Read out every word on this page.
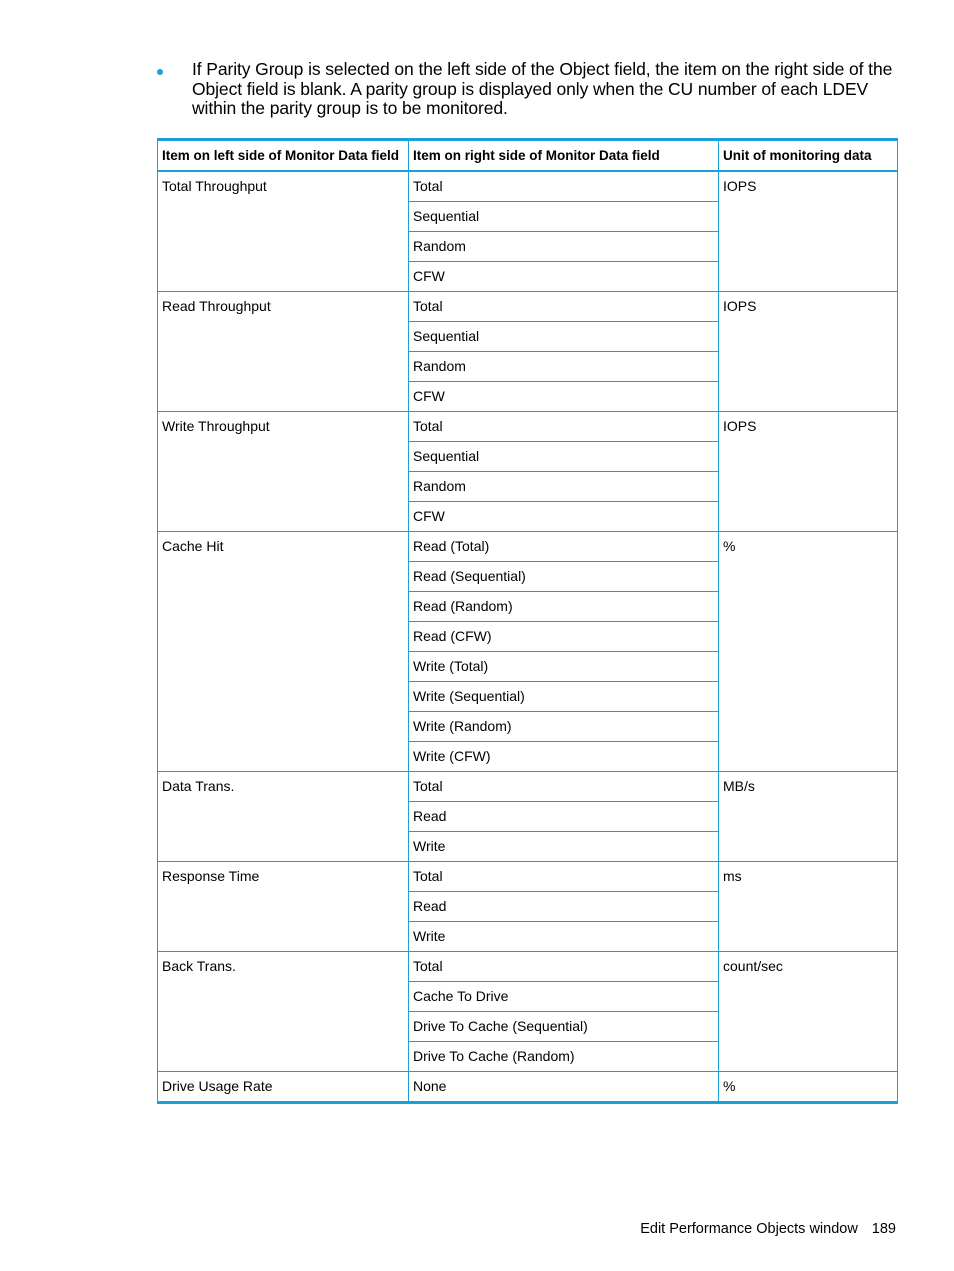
If Parity Group is selected on the left side of the Object field, the item on the right side of the Object field is blank. A parity group is displayed only when the CU number of each LDEV within the parity group is to be monitored.
Item on left side of Monitor Data field	Item on right side of Monitor Data field	Unit of monitoring data
Total Throughput	Total	IOPS
	Sequential	
	Random	
	CFW	
Read Throughput	Total	IOPS
	Sequential	
	Random	
	CFW	
Write Throughput	Total	IOPS
	Sequential	
	Random	
	CFW	
Cache Hit	Read (Total)	%
	Read (Sequential)	
	Read (Random)	
	Read (CFW)	
	Write (Total)	
	Write (Sequential)	
	Write (Random)	
	Write (CFW)	
Data Trans.	Total	MB/s
	Read	
	Write	
Response Time	Total	ms
	Read	
	Write	
Back Trans.	Total	count/sec
	Cache To Drive	
	Drive To Cache (Sequential)	
	Drive To Cache (Random)	
Drive Usage Rate	None	%
Edit Performance Objects window 189
